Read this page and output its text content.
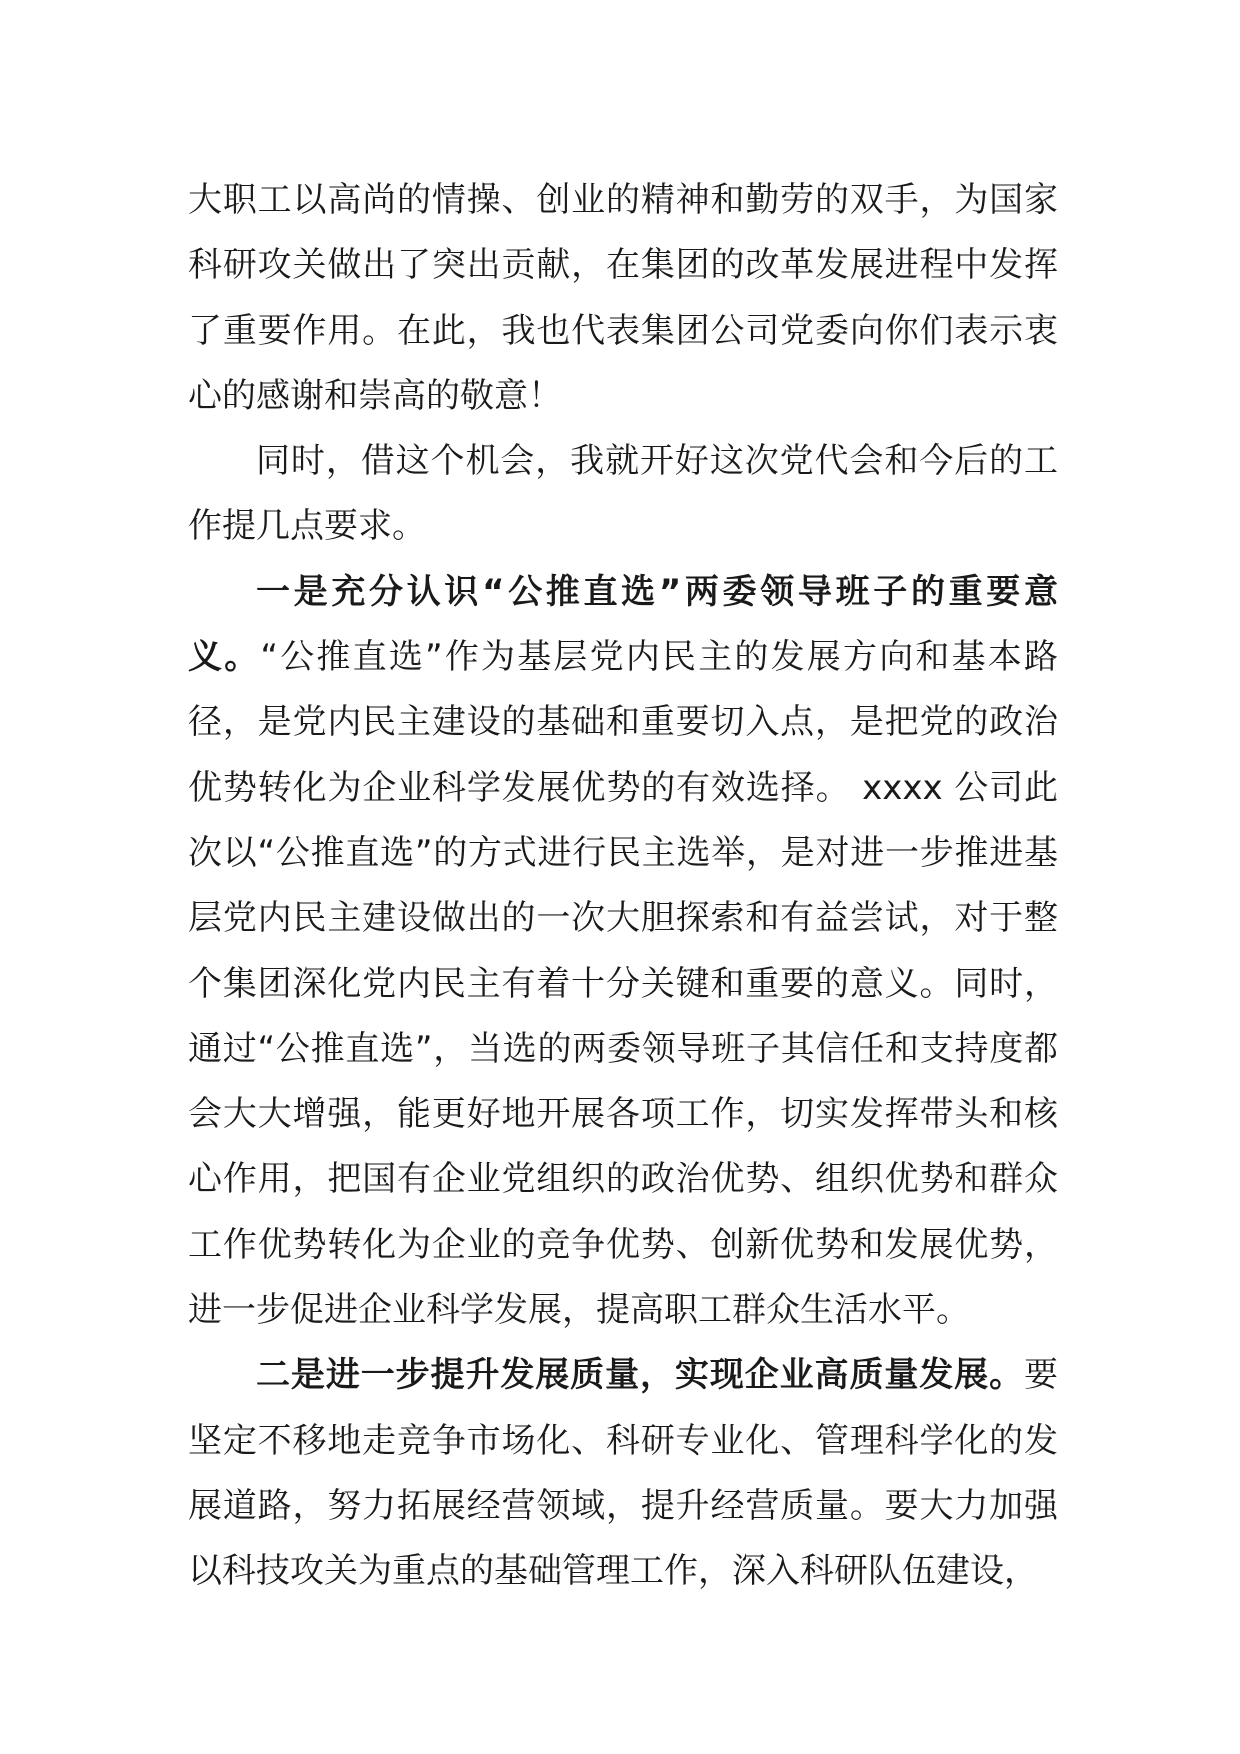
大职工以高尚的情操、创业的精神和勤劳的双手，为国家科研攻关做出了突出贡献，在集团的改革发展进程中发挥了重要作用。在此，我也代表集团公司党委向你们表示衷心的感谢和崇高的敬意！

同时，借这个机会，我就开好这次党代会和今后的工作提几点要求。

一是充分认识“公推直选”两委领导班子的重要意义。“公推直选”作为基层党内民主的发展方向和基本路径，是党内民主建设的基础和重要切入点，是把党的政治优势转化为企业科学发展优势的有效选择。 xxxx 公司此次以“公推直选”的方式进行民主选举，是对进一步推进基层党内民主建设做出的一次大胆探索和有益尝试，对于整个集团深化党内民主有着十分关键和重要的意义。同时，通过“公推直选”，当选的两委领导班子其信任和支持度都会大大增强，能更好地开展各项工作，切实发挥带头和核心作用，把国有企业党组织的政治优势、组织优势和群众工作优势转化为企业的竞争优势、创新优势和发展优势，进一步促进企业科学发展，提高职工群众生活水平。

二是进一步提升发展质量，实现企业高质量发展。要坚定不移地走竞争市场化、科研专业化、管理科学化的发展道路，努力拓展经营领域，提升经营质量。要大力加强以科技攻关为重点的基础管理工作，深入科研队伍建设，
